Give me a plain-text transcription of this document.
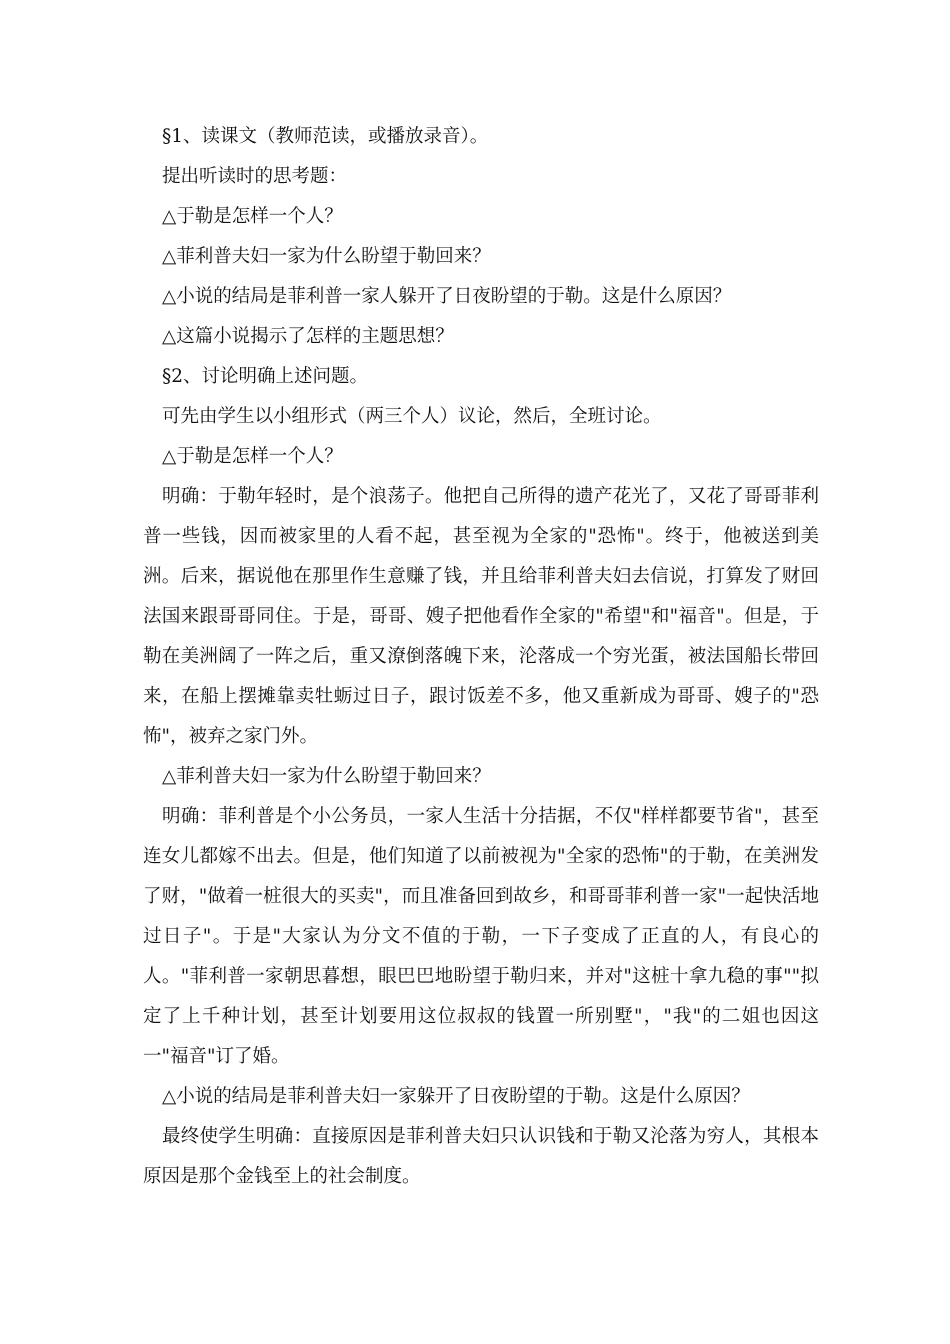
§1、读课文（教师范读，或播放录音）。

提出听读时的思考题：

△于勒是怎样一个人？

△菲利普夫妇一家为什么盼望于勒回来？

△小说的结局是菲利普一家人躲开了日夜盼望的于勒。这是什么原因？

△这篇小说揭示了怎样的主题思想？

§2、讨论明确上述问题。

可先由学生以小组形式（两三个人）议论，然后，全班讨论。

△于勒是怎样一个人？

明确：于勒年轻时，是个浪荡子。他把自己所得的遗产花光了，又花了哥哥菲利普一些钱，因而被家里的人看不起，甚至视为全家的"恐怖"。终于，他被送到美洲。后来，据说他在那里作生意赚了钱，并且给菲利普夫妇去信说，打算发了财回法国来跟哥哥同住。于是，哥哥、嫂子把他看作全家的"希望"和"福音"。但是，于勒在美洲阔了一阵之后，重又潦倒落魄下来，沦落成一个穷光蛋，被法国船长带回来，在船上摆摊靠卖牡蛎过日子，跟讨饭差不多，他又重新成为哥哥、嫂子的"恐怖"，被弃之家门外。

△菲利普夫妇一家为什么盼望于勒回来？

明确：菲利普是个小公务员，一家人生活十分拮据，不仅"样样都要节省"，甚至连女儿都嫁不出去。但是，他们知道了以前被视为"全家的恐怖"的于勒，在美洲发了财，"做着一桩很大的买卖"，而且准备回到故乡，和哥哥菲利普一家"一起快活地过日子"。于是"大家认为分文不值的于勒，一下子变成了正直的人，有良心的人。"菲利普一家朝思暮想，眼巴巴地盼望于勒归来，并对"这桩十拿九稳的事""拟定了上千种计划，甚至计划要用这位叔叔的钱置一所别墅"，"我"的二姐也因这一"福音"订了婚。

△小说的结局是菲利普夫妇一家躲开了日夜盼望的于勒。这是什么原因？

最终使学生明确：直接原因是菲利普夫妇只认识钱和于勒又沦落为穷人，其根本原因是那个金钱至上的社会制度。
